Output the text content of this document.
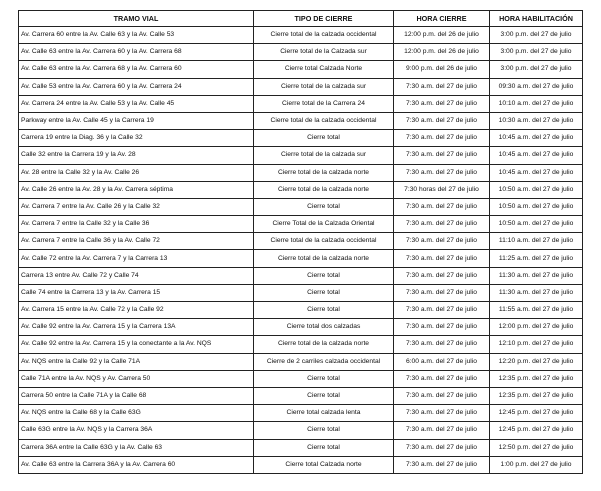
TRAMO VIAL	TIPO DE CIERRE	HORA CIERRE	HORA HABILITACIÓN
Av. Carrera 60 entre la Av. Calle 63 y la Av. Calle 53	Cierre total de la calzada occidental	12:00 p.m. del 26 de julio	3:00 p.m. del 27 de julio
Av. Calle 63 entre la Av. Carrera 60 y la Av. Carrera 68	Cierre total de la Calzada sur	12:00 p.m. del 26 de julio	3:00 p.m. del 27 de julio
Av. Calle 63 entre la Av. Carrera 68 y la Av. Carrera 60	Cierre total Calzada Norte	9:00 p.m. del 26 de julio	3:00 p.m. del 27 de julio
Av. Calle 53 entre la Av. Carrera 60 y la Av. Carrera 24	Cierre total de la calzada sur	7:30 a.m. del 27 de julio	09:30 a.m. del 27 de julio
Av. Carrera 24 entre la Av. Calle 53 y la Av. Calle 45	Cierre total de la Carrera 24	7:30 a.m. del 27 de julio	10:10 a.m. del 27 de julio
Parkway entre la Av. Calle 45 y la Carrera 19	Cierre total de la calzada occidental	7:30 a.m. del 27 de julio	10:30 a.m. del 27 de julio
Carrera 19 entre la Diag. 36 y la Calle 32	Cierre total	7:30 a.m. del 27 de julio	10:45 a.m. del 27 de julio
Calle 32 entre la Carrera 19 y la Av. 28	Cierre total de la calzada sur	7:30 a.m. del 27 de julio	10:45 a.m. del 27 de julio
Av. 28 entre la Calle 32 y la Av. Calle 26	Cierre total de la calzada norte	7:30 a.m. del 27 de julio	10:45 a.m. del 27 de julio
Av. Calle 26 entre la Av. 28 y la Av. Carrera séptima	Cierre total de la calzada norte	7:30 horas del 27 de julio	10:50 a.m. del 27 de julio
Av. Carrera 7 entre la Av. Calle 26 y la Calle 32	Cierre total	7:30 a.m. del 27 de julio	10:50 a.m. del 27 de julio
Av. Carrera 7 entre la Calle 32 y la Calle 36	Cierre Total de la Calzada Oriental	7:30 a.m. del 27 de julio	10:50 a.m. del 27 de julio
Av. Carrera 7 entre la Calle 36 y la Av. Calle 72	Cierre total de la calzada occidental	7:30 a.m. del 27 de julio	11:10 a.m. del 27 de julio
Av. Calle 72 entre la Av. Carrera 7 y la Carrera 13	Cierre total de la calzada norte	7:30 a.m. del 27 de julio	11:25 a.m. del 27 de julio
Carrera 13 entre Av. Calle 72 y Calle 74	Cierre total	7:30 a.m. del 27 de julio	11:30 a.m. del 27 de julio
Calle 74 entre la Carrera 13 y la Av. Carrera 15	Cierre total	7:30 a.m. del 27 de julio	11:30 a.m. del 27 de julio
Av. Carrera 15 entre la Av. Calle 72 y la Calle 92	Cierre total	7:30 a.m. del 27 de julio	11:55 a.m. del 27 de julio
Av. Calle 92 entre la Av. Carrera 15 y la Carrera 13A	Cierre total dos calzadas	7:30 a.m. del 27 de julio	12:00 p.m. del 27 de julio
Av. Calle 92 entre la Av. Carrera 15 y la conectante a la Av. NQS	Cierre total de la calzada norte	7:30 a.m. del 27 de julio	12:10 p.m. del 27 de julio
Av. NQS entre la Calle 92 y la Calle 71A	Cierre de 2 carriles calzada occidental	6:00 a.m. del 27 de julio	12:20 p.m. del 27 de julio
Calle 71A entre la Av. NQS y Av. Carrera 50	Cierre total	7:30 a.m. del 27 de julio	12:35 p.m. del 27 de julio
Carrera 50 entre la Calle 71A y la Calle 68	Cierre total	7:30 a.m. del 27 de julio	12:35 p.m. del 27 de julio
Av. NQS entre la Calle 68 y la Calle 63G	Cierre total calzada lenta	7:30 a.m. del 27 de julio	12:45 p.m. del 27 de julio
Calle 63G entre la Av. NQS y la Carrera 36A	Cierre total	7:30 a.m. del 27 de julio	12:45 p.m. del 27 de julio
Carrera 36A entre la Calle 63G y la Av. Calle 63	Cierre total	7:30 a.m. del 27 de julio	12:50 p.m. del 27 de julio
Av. Calle 63 entre la Carrera 36A y la Av. Carrera 60	Cierre total Calzada norte	7:30 a.m. del 27 de julio	1:00 p.m. del 27 de julio
